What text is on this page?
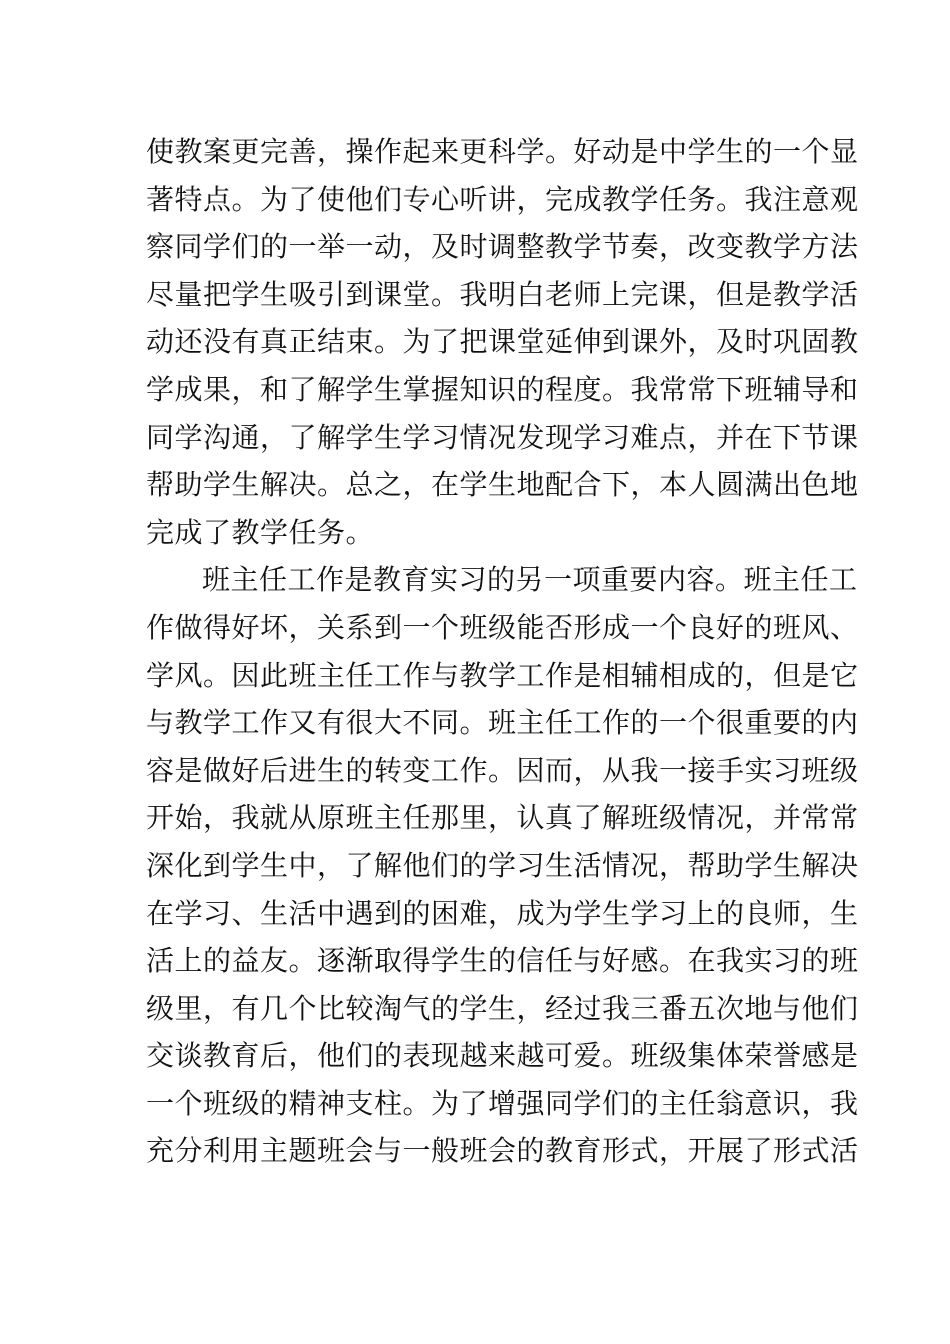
使教案更完善，操作起来更科学。好动是中学生的一个显
著特点。为了使他们专心听讲，完成教学任务。我注意观
察同学们的一举一动，及时调整教学节奏，改变教学方法
尽量把学生吸引到课堂。我明白老师上完课，但是教学活
动还没有真正结束。为了把课堂延伸到课外，及时巩固教
学成果，和了解学生掌握知识的程度。我常常下班辅导和
同学沟通，了解学生学习情况发现学习难点，并在下节课
帮助学生解决。总之，在学生地配合下，本人圆满出色地
完成了教学任务。
班主任工作是教育实习的另一项重要内容。班主任工
作做得好坏，关系到一个班级能否形成一个良好的班风、
学风。因此班主任工作与教学工作是相辅相成的，但是它
与教学工作又有很大不同。班主任工作的一个很重要的内
容是做好后进生的转变工作。因而，从我一接手实习班级
开始，我就从原班主任那里，认真了解班级情况，并常常
深化到学生中，了解他们的学习生活情况，帮助学生解决
在学习、生活中遇到的困难，成为学生学习上的良师，生
活上的益友。逐渐取得学生的信任与好感。在我实习的班
级里，有几个比较淘气的学生，经过我三番五次地与他们
交谈教育后，他们的表现越来越可爱。班级集体荣誉感是
一个班级的精神支柱。为了增强同学们的主任翁意识，我
充分利用主题班会与一般班会的教育形式，开展了形式活
